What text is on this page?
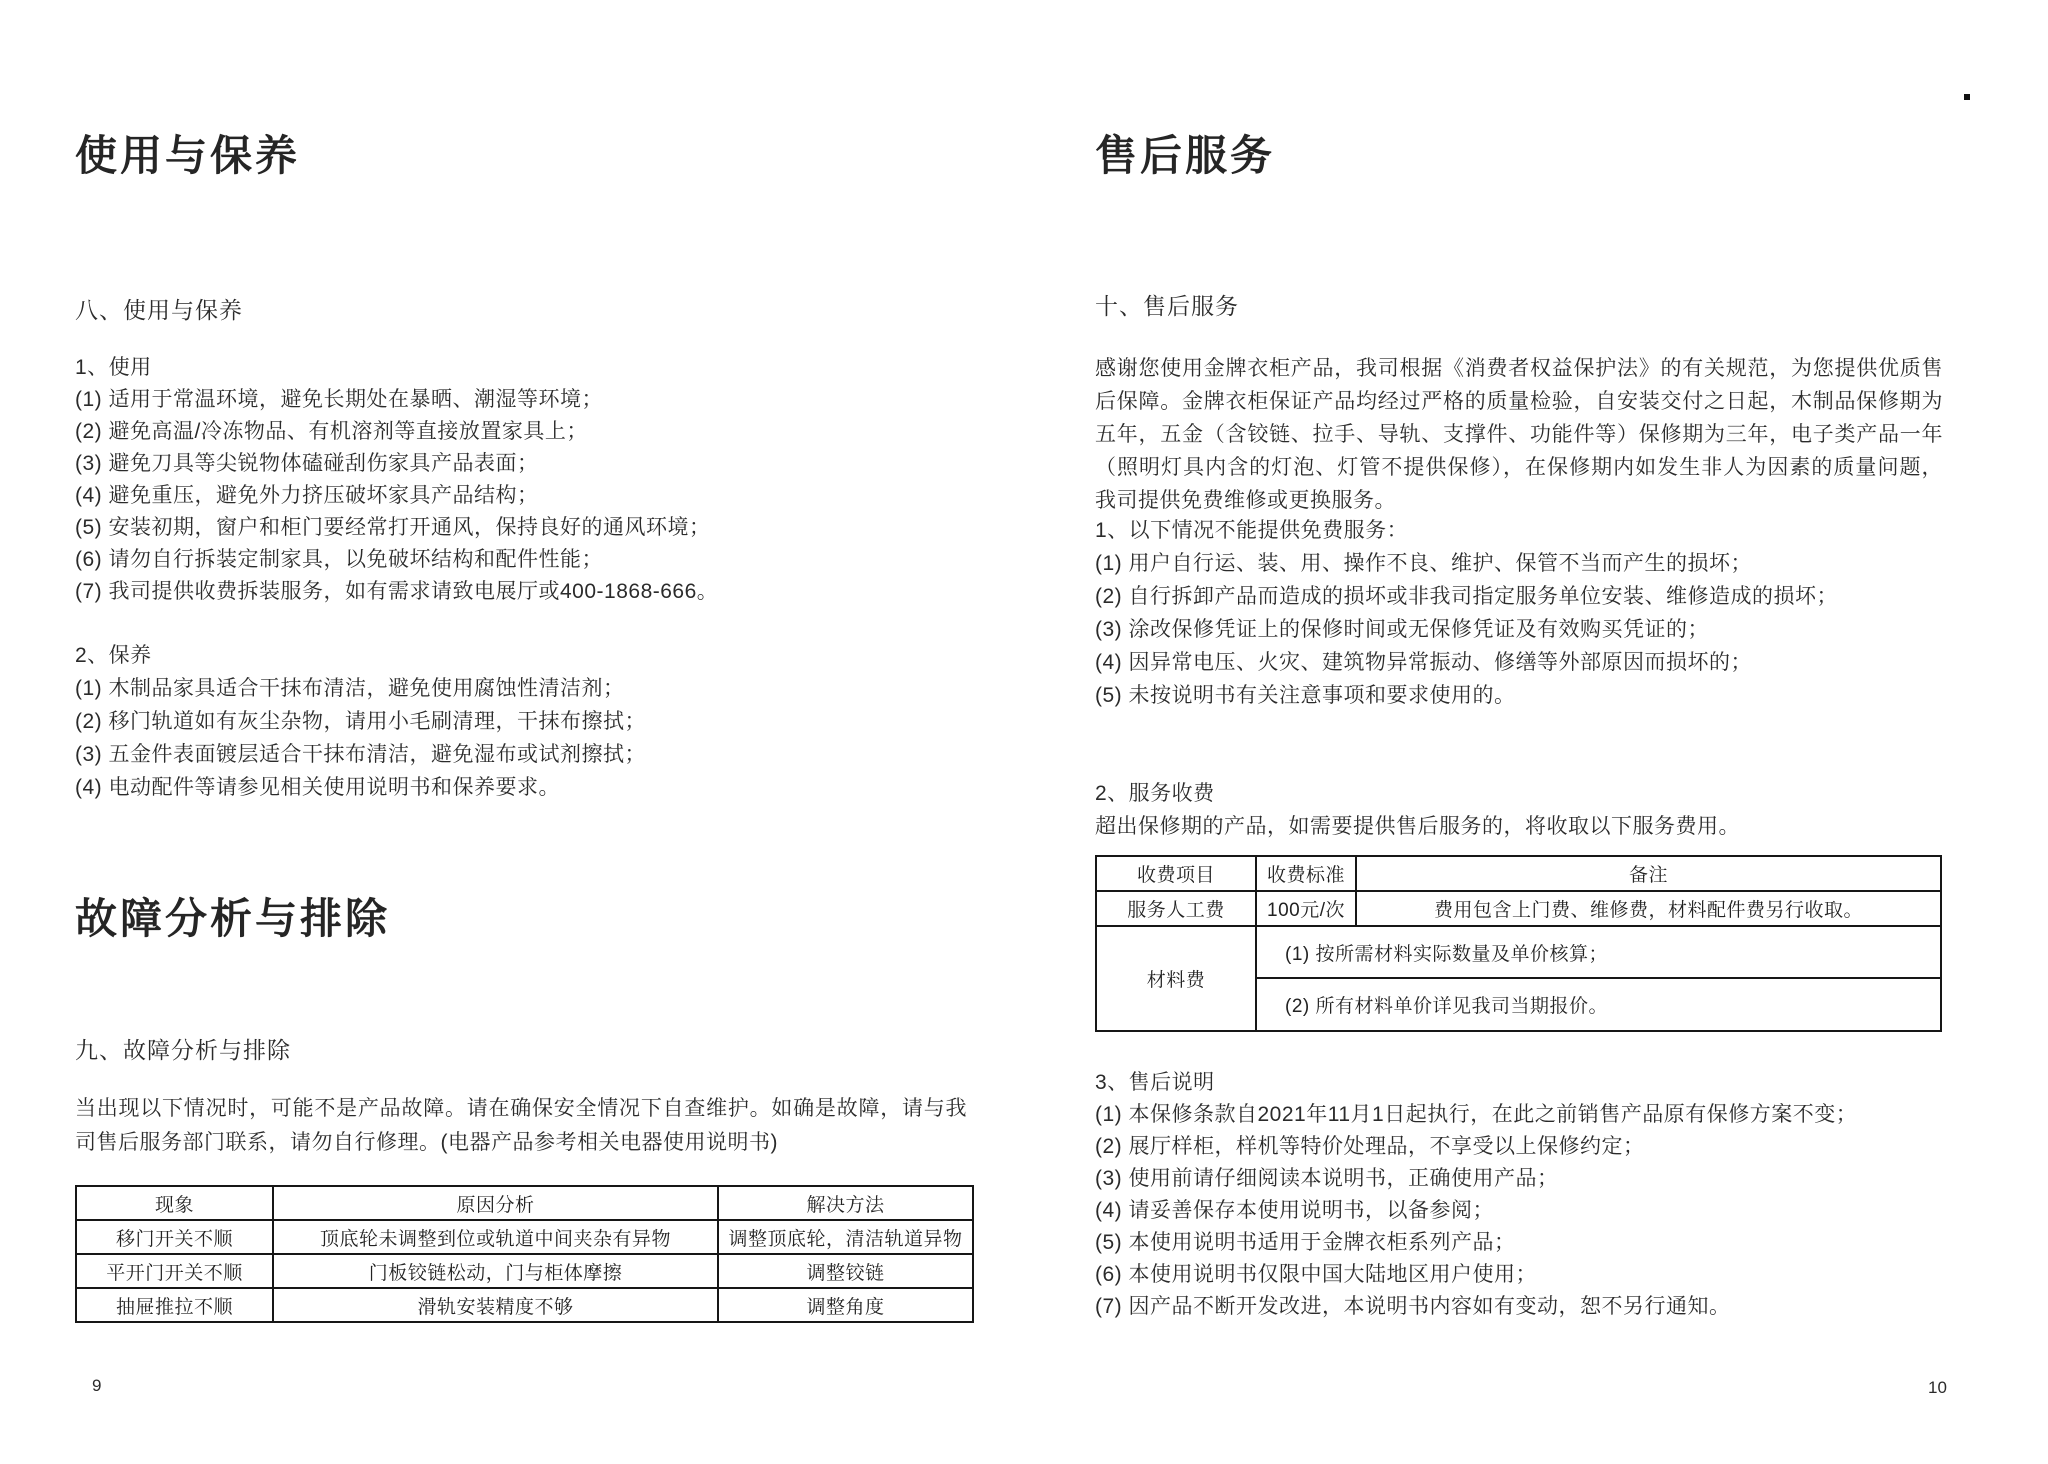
使用与保养
八、使用与保养
1、使用
(1) 适用于常温环境，避免长期处在暴晒、潮湿等环境；
(2) 避免高温/冷冻物品、有机溶剂等直接放置家具上；
(3) 避免刀具等尖锐物体磕碰刮伤家具产品表面；
(4) 避免重压，避免外力挤压破坏家具产品结构；
(5) 安装初期，窗户和柜门要经常打开通风，保持良好的通风环境；
(6) 请勿自行拆装定制家具，以免破坏结构和配件性能；
(7) 我司提供收费拆装服务，如有需求请致电展厅或400-1868-666。
2、保养
(1) 木制品家具适合干抹布清洁，避免使用腐蚀性清洁剂；
(2) 移门轨道如有灰尘杂物，请用小毛刷清理，干抹布擦拭；
(3) 五金件表面镀层适合干抹布清洁，避免湿布或试剂擦拭；
(4) 电动配件等请参见相关使用说明书和保养要求。
故障分析与排除
九、故障分析与排除
当出现以下情况时，可能不是产品故障。请在确保安全情况下自查维护。如确是故障，请与我司售后服务部门联系，请勿自行修理。(电器产品参考相关电器使用说明书)
现象	原因分析	解决方法
移门开关不顺	顶底轮未调整到位或轨道中间夹杂有异物	调整顶底轮，清洁轨道异物
平开门开关不顺	门板铰链松动，门与柜体摩擦	调整铰链
抽屉推拉不顺	滑轨安装精度不够	调整角度
9
售后服务
十、售后服务
感谢您使用金牌衣柜产品，我司根据《消费者权益保护法》的有关规范，为您提供优质售后保障。金牌衣柜保证产品均经过严格的质量检验，自安装交付之日起，木制品保修期为五年，五金（含铰链、拉手、导轨、支撑件、功能件等）保修期为三年，电子类产品一年（照明灯具内含的灯泡、灯管不提供保修），在保修期内如发生非人为因素的质量问题，我司提供免费维修或更换服务。
1、以下情况不能提供免费服务：
(1) 用户自行运、装、用、操作不良、维护、保管不当而产生的损坏；
(2) 自行拆卸产品而造成的损坏或非我司指定服务单位安装、维修造成的损坏；
(3) 涂改保修凭证上的保修时间或无保修凭证及有效购买凭证的；
(4) 因异常电压、火灾、建筑物异常振动、修缮等外部原因而损坏的；
(5) 未按说明书有关注意事项和要求使用的。
2、服务收费
超出保修期的产品，如需要提供售后服务的，将收取以下服务费用。
收费项目	收费标准	备注
服务人工费	100元/次	费用包含上门费、维修费，材料配件费另行收取。
材料费	(1) 按所需材料实际数量及单价核算；	
	(2) 所有材料单价详见我司当期报价。	
3、售后说明
(1) 本保修条款自2021年11月1日起执行，在此之前销售产品原有保修方案不变；
(2) 展厅样柜，样机等特价处理品，不享受以上保修约定；
(3) 使用前请仔细阅读本说明书，正确使用产品；
(4) 请妥善保存本使用说明书，以备参阅；
(5) 本使用说明书适用于金牌衣柜系列产品；
(6) 本使用说明书仅限中国大陆地区用户使用；
(7) 因产品不断开发改进，本说明书内容如有变动，恕不另行通知。
10
